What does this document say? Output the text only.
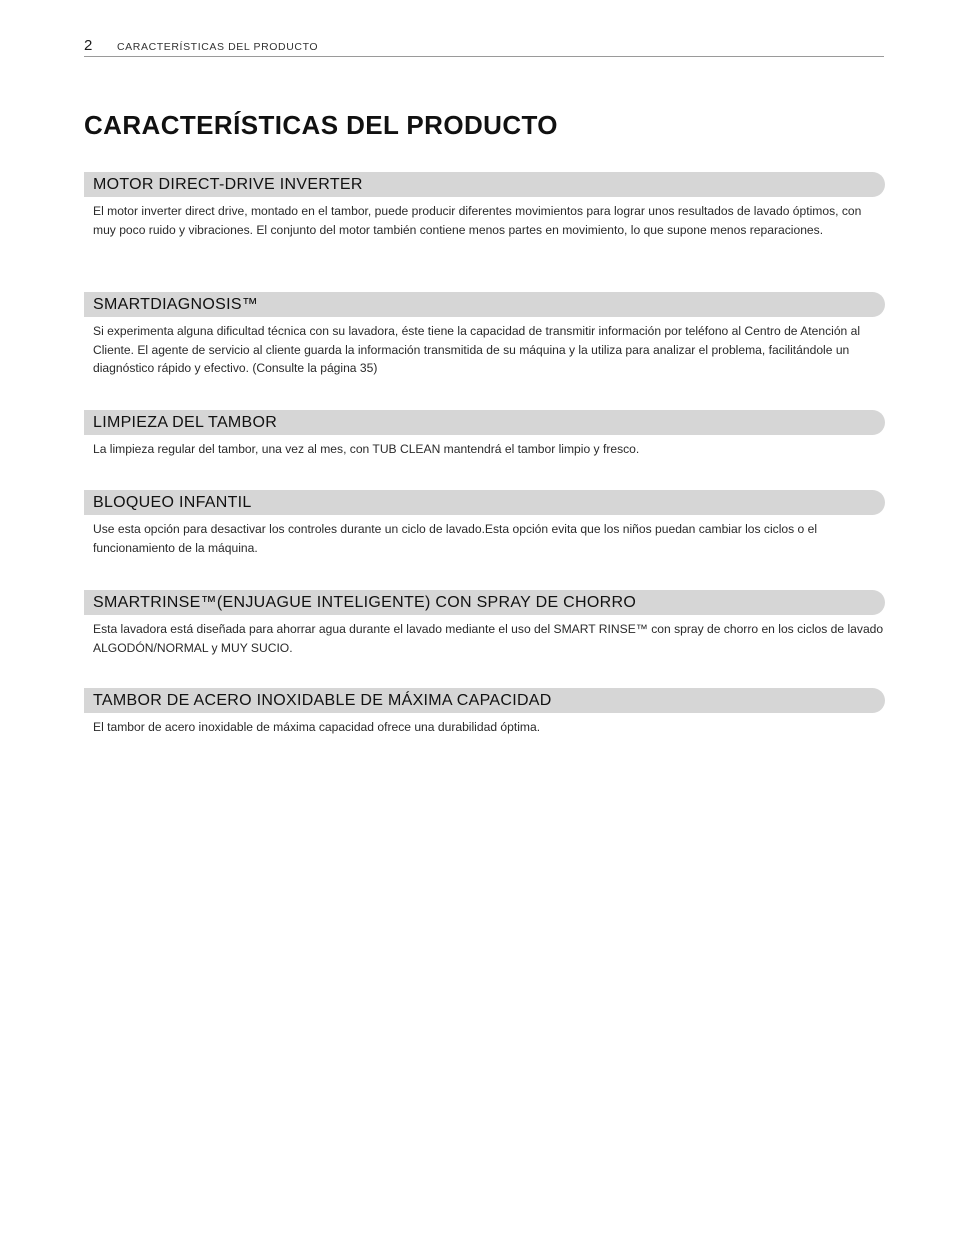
2 CARACTERÍSTICAS DEL PRODUCTO
CARACTERÍSTICAS DEL PRODUCTO
MOTOR DIRECT-DRIVE INVERTER
El motor inverter direct drive, montado en el tambor, puede producir diferentes movimientos para lograr unos resultados de lavado óptimos, con muy poco ruido y vibraciones. El conjunto del motor también contiene menos partes en movimiento, lo que supone menos reparaciones.
SMARTDIAGNOSIS™
Si experimenta alguna dificultad técnica con su lavadora, éste tiene la capacidad de transmitir información por teléfono al Centro de Atención al Cliente. El agente de servicio al cliente guarda la información transmitida de su máquina y la utiliza para analizar el problema, facilitándole un diagnóstico rápido y efectivo. (Consulte la página 35)
LIMPIEZA DEL TAMBOR
La limpieza regular del tambor, una vez al mes, con TUB CLEAN mantendrá el tambor limpio y fresco.
BLOQUEO INFANTIL
Use esta opción para desactivar los controles durante un ciclo de lavado.Esta opción evita que los niños puedan cambiar los ciclos o el funcionamiento de la máquina.
SMARTRINSE™(ENJUAGUE INTELIGENTE) CON SPRAY DE CHORRO
Esta lavadora está diseñada para ahorrar agua durante el lavado mediante el uso del SMART RINSE™ con spray de chorro en los ciclos de lavado ALGODÓN/NORMAL y MUY SUCIO.
TAMBOR DE ACERO INOXIDABLE DE MÁXIMA CAPACIDAD
El tambor de acero inoxidable de máxima capacidad ofrece una durabilidad óptima.
